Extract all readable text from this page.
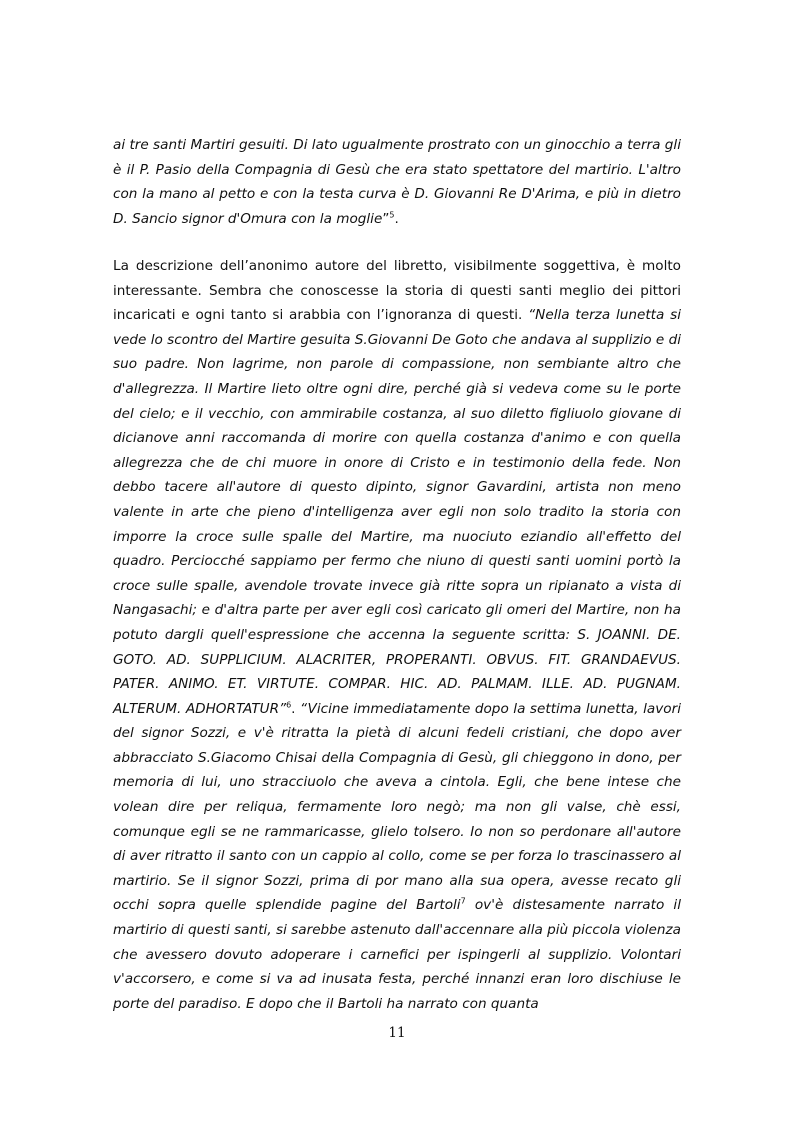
ai tre santi Martiri gesuiti. Di lato ugualmente prostrato con un ginocchio a terra gli è il P. Pasio della Compagnia di Gesù che era stato spettatore del martirio. L'altro con la mano al petto e con la testa curva è D. Giovanni Re D'Arima, e più in dietro D. Sancio signor d'Omura con la moglie”$^5$.

La descrizione dell’anonimo autore del libretto, visibilmente soggettiva, è molto interessante. Sembra che conoscesse la storia di questi santi meglio dei pittori incaricati e ogni tanto si arabbia con l’ignoranza di questi. “Nella terza lunetta si vede lo scontro del Martire gesuita S.Giovanni De Goto che andava al supplizio e di suo padre. Non lagrime, non parole di compassione, non sembiante altro che d'allegrezza. Il Martire lieto oltre ogni dire, perché già si vedeva come su le porte del cielo; e il vecchio, con ammirabile costanza, al suo diletto figliuolo giovane di dicianove anni raccomanda di morire con quella costanza d'animo e con quella allegrezza che de chi muore in onore di Cristo e in testimonio della fede. Non debbo tacere all'autore di questo dipinto, signor Gavardini, artista non meno valente in arte che pieno d'intelligenza aver egli non solo tradito la storia con imporre la croce sulle spalle del Martire, ma nuociuto eziandio all'effetto del quadro. Perciocché sappiamo per fermo che niuno di questi santi uomini portò la croce sulle spalle, avendole trovate invece già ritte sopra un ripianato a vista di Nangasachi; e d'altra parte per aver egli così caricato gli omeri del Martire, non ha potuto dargli quell'espressione che accenna la seguente scritta: S. JOANNI. DE. GOTO. AD. SUPPLICIUM. ALACRITER, PROPERANTI. OBVUS. FIT. GRANDAEVUS. PATER. ANIMO. ET. VIRTUTE. COMPAR. HIC. AD. PALMAM. ILLE. AD. PUGNAM. ALTERUM. ADHORTATUR”$^6$. “Vicine immediatamente dopo la settima lunetta, lavori del signor Sozzi, e v'è ritratta la pietà di alcuni fedeli cristiani, che dopo aver abbracciato S.Giacomo Chisai della Compagnia di Gesù, gli chieggono in dono, per memoria di lui, uno stracciuolo che aveva a cintola. Egli, che bene intese che volean dire per reliqua, fermamente loro negò; ma non gli valse, chè essi, comunque egli se ne rammaricasse, glielo tolsero. Io non so perdonare all'autore di aver ritratto il santo con un cappio al collo, come se per forza lo trascinassero al martirio. Se il signor Sozzi, prima di por mano alla sua opera, avesse recato gli occhi sopra quelle splendide pagine del Bartoli$^7$ ov'è distesamente narrato il martirio di questi santi, si sarebbe astenuto dall'accennare alla più piccola violenza che avessero dovuto adoperare i carnefici per ispingerli al supplizio. Volontari v'accorsero, e come si va ad inusata festa, perché innanzi eran loro dischiuse le porte del paradiso. E dopo che il Bartoli ha narrato con quanta

11
